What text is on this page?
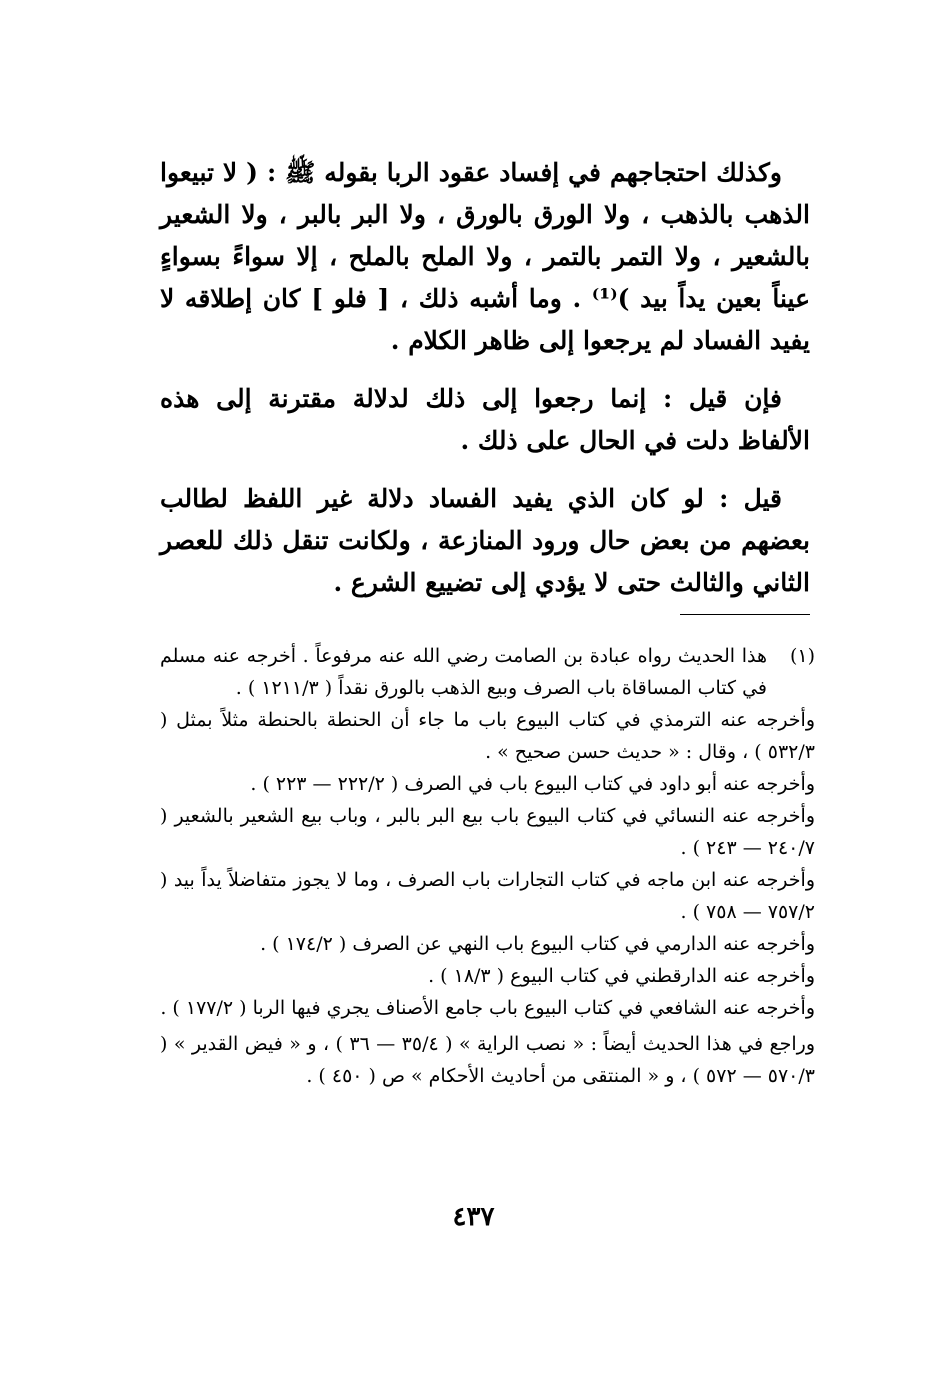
وكذلك احتجاجهم في إفساد عقود الربا بقوله ﷺ : ( لا تبيعوا الذهب بالذهب ، ولا الورق بالورق ، ولا البر بالبر ، ولا الشعير بالشعير ، ولا التمر بالتمر ، ولا الملح بالملح ، إلا سواءً بسواءٍ عيناً بعين يداً بيد )⁽¹⁾ . وما أشبه ذلك ، [ فلو ] كان إطلاقه لا يفيد الفساد لم يرجعوا إلى ظاهر الكلام .

فإن قيل : إنما رجعوا إلى ذلك لدلالة مقترنة إلى هذه الألفاظ دلت في الحال على ذلك .

قيل : لو كان الذي يفيد الفساد دلالة غير اللفظ لطالب بعضهم من بعض حال ورود المنازعة ، ولكانت تنقل ذلك للعصر الثاني والثالث حتى لا يؤدي إلى تضييع الشرع .

(١)

هذا الحديث رواه عبادة بن الصامت رضي الله عنه مرفوعاً . أخرجه عنه مسلم في كتاب المساقاة باب الصرف وبيع الذهب بالورق نقداً ( ١٢١١/٣ ) .

وأخرجه عنه الترمذي في كتاب البيوع باب ما جاء أن الحنطة بالحنطة مثلاً بمثل ( ٥٣٢/٣ ) ، وقال : « حديث حسن صحيح » .

وأخرجه عنه أبو داود في كتاب البيوع باب في الصرف ( ٢٢٢/٢ — ٢٢٣ ) .

وأخرجه عنه النسائي في كتاب البيوع باب بيع البر بالبر ، وباب بيع الشعير بالشعير ( ٢٤٠/٧ — ٢٤٣ ) .

وأخرجه عنه ابن ماجه في كتاب التجارات باب الصرف ، وما لا يجوز متفاضلاً يداً بيد ( ٧٥٧/٢ — ٧٥٨ ) .

وأخرجه عنه الدارمي في كتاب البيوع باب النهي عن الصرف ( ١٧٤/٢ ) .

وأخرجه عنه الدارقطني في كتاب البيوع ( ١٨/٣ ) .

وأخرجه عنه الشافعي في كتاب البيوع باب جامع الأصناف يجري فيها الربا ( ١٧٧/٢ ) .

وراجع في هذا الحديث أيضاً : « نصب الراية » ( ٣٥/٤ — ٣٦ ) ، و « فيض القدير » ( ٥٧٠/٣ — ٥٧٢ ) ، و « المنتقى من أحاديث الأحكام » ص ( ٤٥٠ ) .

٤٣٧
